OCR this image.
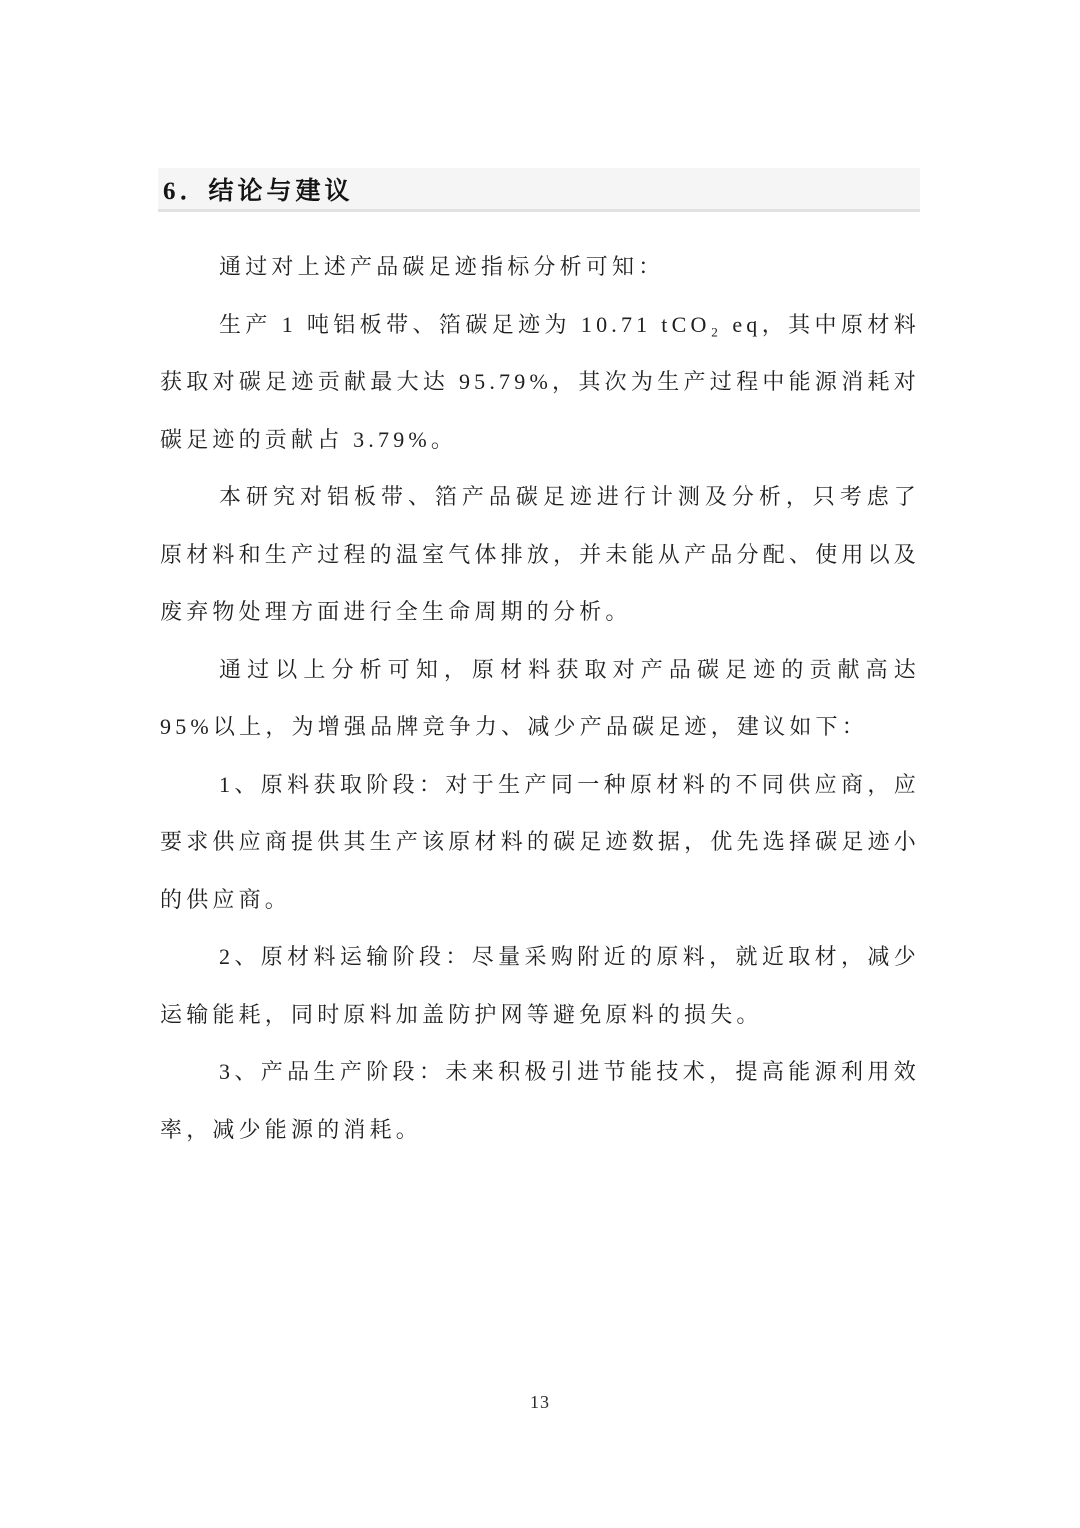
6．结论与建议

通过对上述产品碳足迹指标分析可知：

生产 1 吨铝板带、箔碳足迹为 10.71 tCO₂ eq，其中原材料获取对碳足迹贡献最大达 95.79%，其次为生产过程中能源消耗对碳足迹的贡献占 3.79%。

本研究对铝板带、箔产品碳足迹进行计测及分析，只考虑了原材料和生产过程的温室气体排放，并未能从产品分配、使用以及废弃物处理方面进行全生命周期的分析。

通过以上分析可知，原材料获取对产品碳足迹的贡献高达 95%以上，为增强品牌竞争力、减少产品碳足迹，建议如下：

1、原料获取阶段：对于生产同一种原材料的不同供应商，应要求供应商提供其生产该原材料的碳足迹数据，优先选择碳足迹小的供应商。

2、原材料运输阶段：尽量采购附近的原料，就近取材，减少运输能耗，同时原料加盖防护网等避免原料的损失。

3、产品生产阶段：未来积极引进节能技术，提高能源利用效率，减少能源的消耗。

13
